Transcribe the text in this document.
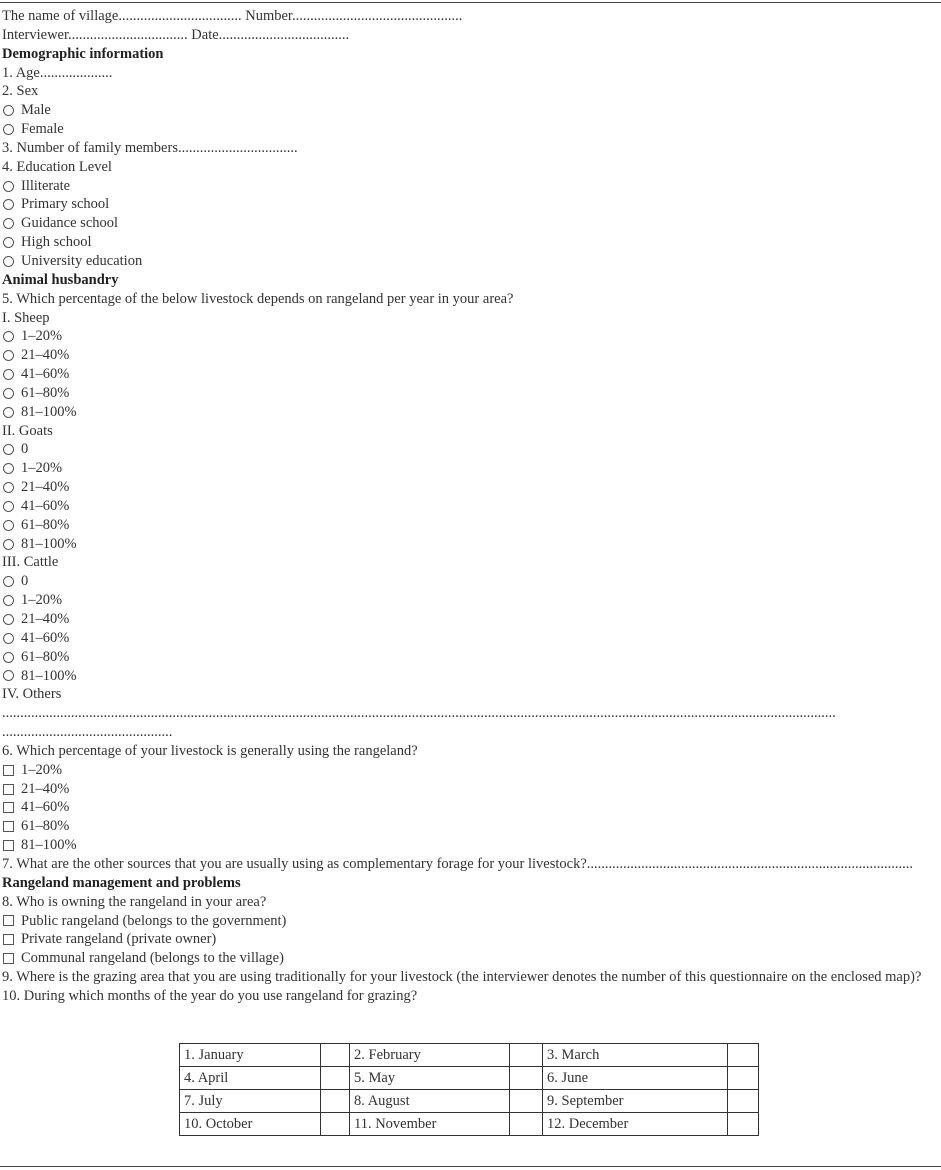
The name of village.................................. Number...............................................
Interviewer................................. Date....................................
Demographic information
1. Age....................
2. Sex
Male
Female
3. Number of family members.................................
4. Education Level
Illiterate
Primary school
Guidance school
High school
University education
Animal husbandry
5. Which percentage of the below livestock depends on rangeland per year in your area?
I. Sheep
1–20%
21–40%
41–60%
61–80%
81–100%
II. Goats
0
1–20%
21–40%
41–60%
61–80%
81–100%
III. Cattle
0
1–20%
21–40%
41–60%
61–80%
81–100%
IV. Others
......................................................................................................................................................................................................................................
...............................................
6. Which percentage of your livestock is generally using the rangeland?
1–20%
21–40%
41–60%
61–80%
81–100%
7. What are the other sources that you are usually using as complementary forage for your livestock?..........................................................................................
Rangeland management and problems
8. Who is owning the rangeland in your area?
Public rangeland (belongs to the government)
Private rangeland (private owner)
Communal rangeland (belongs to the village)
9. Where is the grazing area that you are using traditionally for your livestock (the interviewer denotes the number of this questionnaire on the enclosed map)?
10. During which months of the year do you use rangeland for grazing?
1. January		2. February		3. March	
4. April		5. May		6. June	
7. July		8. August		9. September	
10. October		11. November		12. December	
